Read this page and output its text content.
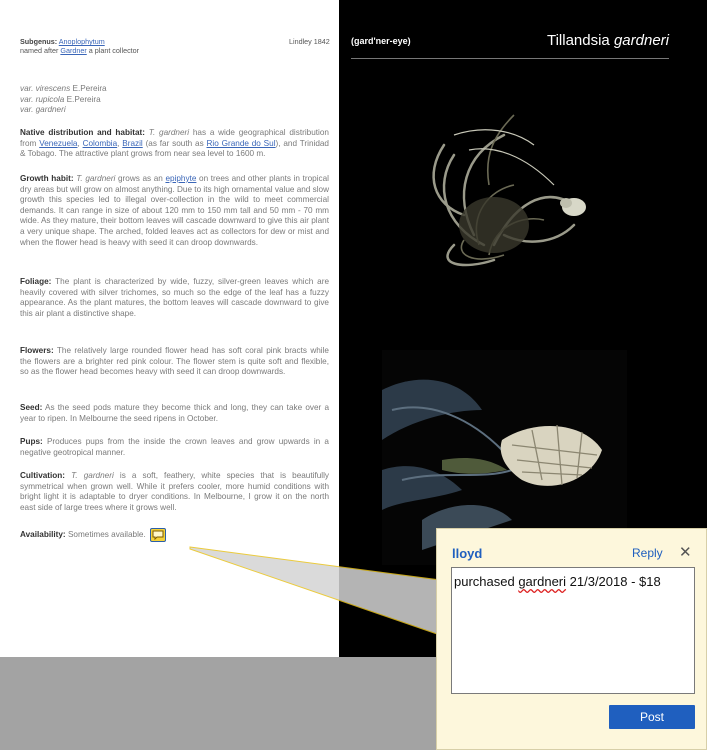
Subgenus: Anoplophytum
named after Gardner a plant collector
Lindley 1842
var. virescens E.Pereira
var. rupicola E.Pereira
var. gardneri
Native distribution and habitat: T. gardneri has a wide geographical distribution from Venezuela, Colombia, Brazil (as far south as Rio Grande do Sul), and Trinidad & Tobago. The attractive plant grows from near sea level to 1600 m.
Growth habit: T. gardneri grows as an epiphyte on trees and other plants in tropical dry areas but will grow on almost anything. Due to its high ornamental value and slow growth this species led to illegal over-collection in the wild to meet commercial demands. It can range in size of about 120 mm to 150 mm tall and 50 mm - 70 mm wide. As they mature, their bottom leaves will cascade downward to give this air plant a very unique shape. The arched, folded leaves act as collectors for dew or mist and when the flower head is heavy with seed it can droop downwards.
Foliage: The plant is characterized by wide, fuzzy, silver-green leaves which are heavily covered with silver trichomes, so much so the edge of the leaf has a fuzzy appearance. As the plant matures, the bottom leaves will cascade downward to give this air plant a distinctive shape.
Flowers: The relatively large rounded flower head has soft coral pink bracts while the flowers are a brighter red pink colour. The flower stem is quite soft and flexible, so as the flower head becomes heavy with seed it can droop downwards.
Seed: As the seed pods mature they become thick and long, they can take over a year to ripen. In Melbourne the seed ripens in October.
Pups: Produces pups from the inside the crown leaves and grow upwards in a negative geotropical manner.
Cultivation: T. gardneri is a soft, feathery, white species that is beautifully symmetrical when grown well. While it prefers cooler, more humid conditions with bright light it is adaptable to dryer conditions. In Melbourne, I grow it on the north east side of large trees where it grows well.
Availability: Sometimes available.
(gard'ner-eye)	Tillandsia gardneri
lloyd	Reply ✕
purchased gardneri 21/3/2018 - $18
Post
